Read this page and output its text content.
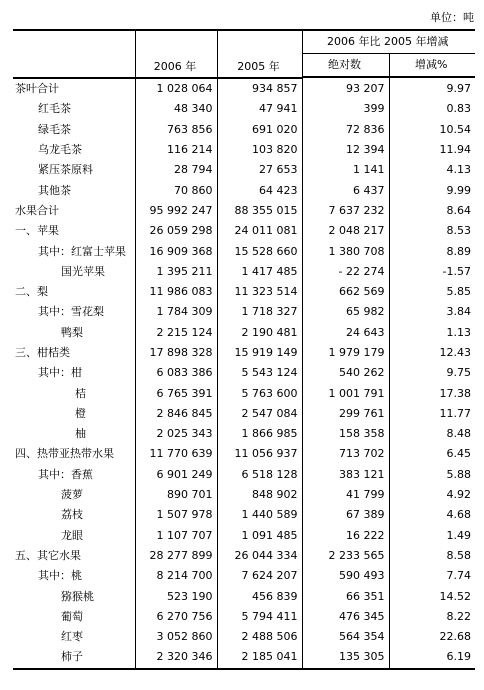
单位：吨
	2006 年	2005 年	2006 年比 2005 年增减	
			绝对数	增减%

茶叶合计	1 028 064	934 857	93 207	9.97
红毛茶	48 340	47 941	399	0.83
绿毛茶	763 856	691 020	72 836	10.54
乌龙毛茶	116 214	103 820	12 394	11.94
紧压茶原料	28 794	27 653	1 141	4.13
其他茶	70 860	64 423	6 437	9.99
水果合计	95 992 247	88 355 015	7 637 232	8.64
一、苹果	26 059 298	24 011 081	2 048 217	8.53
其中：红富士苹果	16 909 368	15 528 660	1 380 708	8.89
国光苹果	1 395 211	1 417 485	- 22 274	-1.57
二、梨	11 986 083	11 323 514	662 569	5.85
其中：雪花梨	1 784 309	1 718 327	65 982	3.84
鸭梨	2 215 124	2 190 481	24 643	1.13
三、柑桔类	17 898 328	15 919 149	1 979 179	12.43
其中：柑	6 083 386	5 543 124	540 262	9.75
桔	6 765 391	5 763 600	1 001 791	17.38
橙	2 846 845	2 547 084	299 761	11.77
柚	2 025 343	1 866 985	158 358	8.48
四、热带亚热带水果	11 770 639	11 056 937	713 702	6.45
其中：香蕉	6 901 249	6 518 128	383 121	5.88
菠萝	890 701	848 902	41 799	4.92
荔枝	1 507 978	1 440 589	67 389	4.68
龙眼	1 107 707	1 091 485	16 222	1.49
五、其它水果	28 277 899	26 044 334	2 233 565	8.58
其中：桃	8 214 700	7 624 207	590 493	7.74
猕猴桃	523 190	456 839	66 351	14.52
葡萄	6 270 756	5 794 411	476 345	8.22
红枣	3 052 860	2 488 506	564 354	22.68
柿子	2 320 346	2 185 041	135 305	6.19
